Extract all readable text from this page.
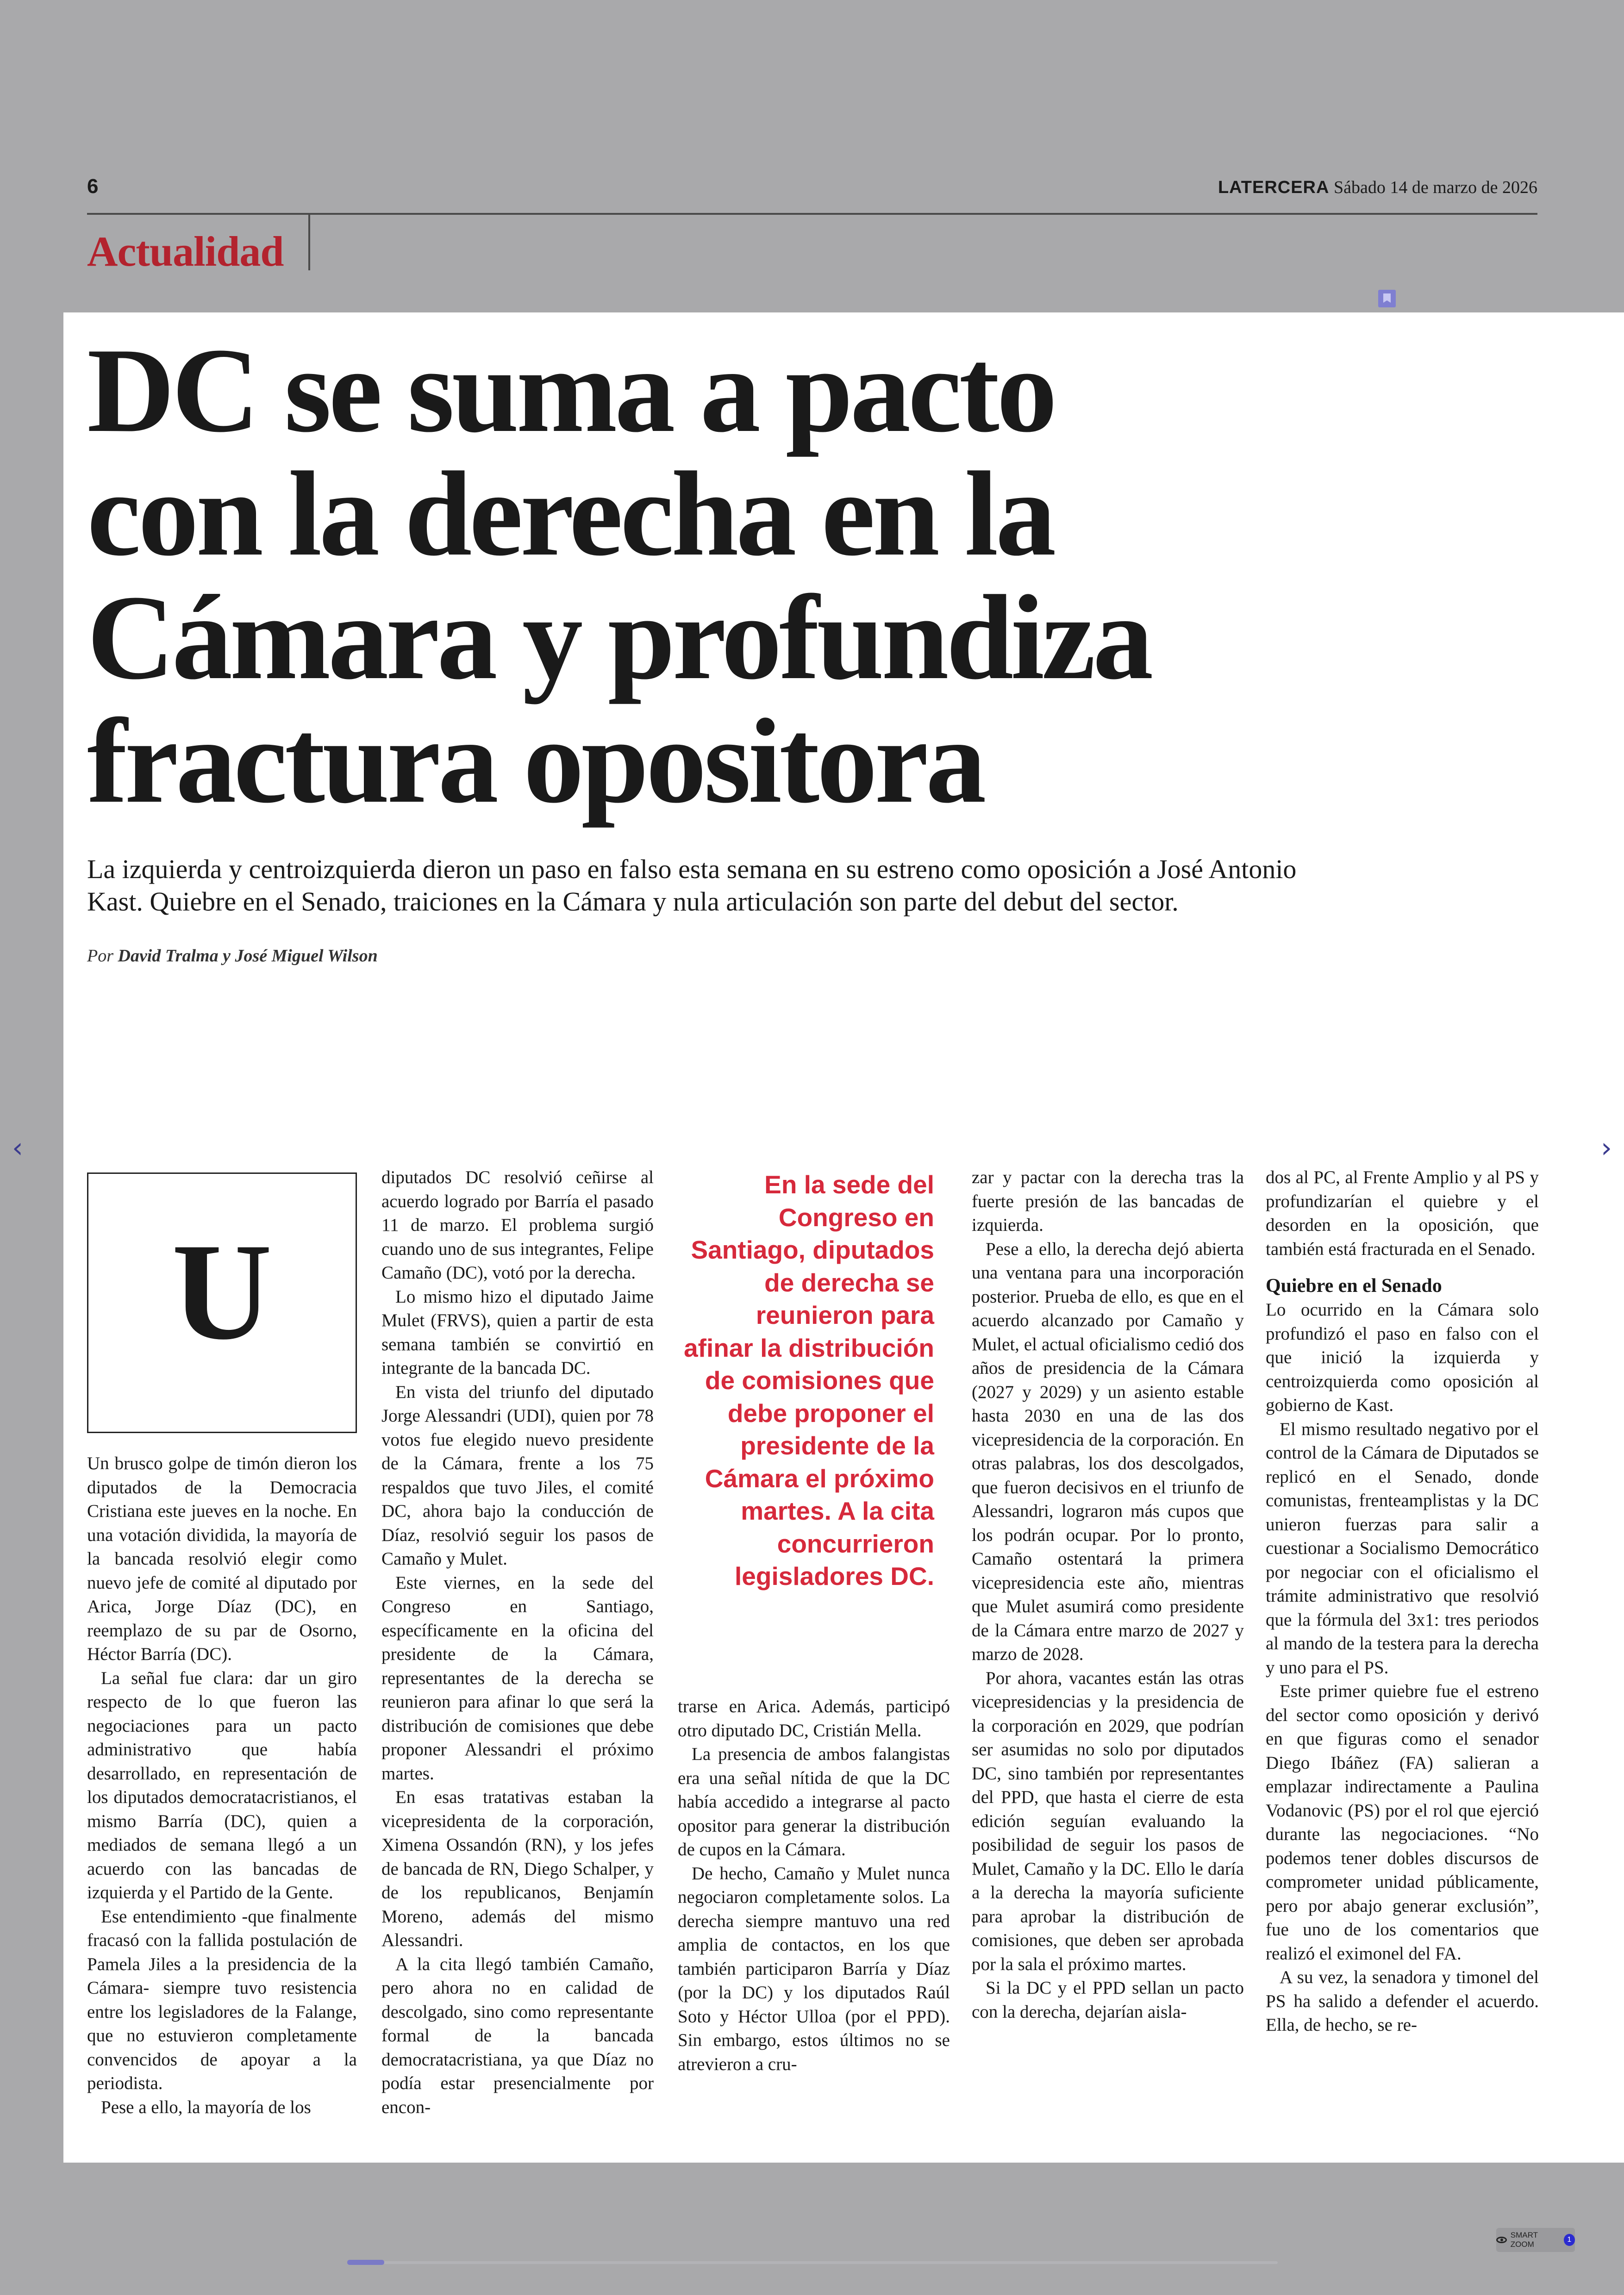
6	LATERCERA Sábado 14 de marzo de 2026
Actualidad
DC se suma a pacto
con la derecha en la
Cámara y profundiza
fractura opositora
La izquierda y centroizquierda dieron un paso en falso esta semana en su estreno como oposición a José Antonio
Kast. Quiebre en el Senado, traiciones en la Cámara y nula articulación son parte del debut del sector.
Por David Tralma y José Miguel Wilson
U

Un brusco golpe de timón dieron los diputados de la Democracia Cristiana este jueves en la noche. En una votación dividida, la mayoría de la bancada resolvió elegir como nuevo jefe de comité al diputado por Arica, Jorge Díaz (DC), en reemplazo de su par de Osorno, Héctor Barría (DC).

La señal fue clara: dar un giro respecto de lo que fueron las negociaciones para un pacto administrativo que había desarrollado, en representación de los diputados democratacristianos, el mismo Barría (DC), quien a mediados de semana llegó a un acuerdo con las bancadas de izquierda y el Partido de la Gente.

Ese entendimiento -que finalmente fracasó con la fallida postulación de Pamela Jiles a la presidencia de la Cámara- siempre tuvo resistencia entre los legisladores de la Falange, que no estuvieron completamente convencidos de apoyar a la periodista.

Pese a ello, la mayoría de los

diputados DC resolvió ceñirse al acuerdo logrado por Barría el pasado 11 de marzo. El problema surgió cuando uno de sus integrantes, Felipe Camaño (DC), votó por la derecha.

Lo mismo hizo el diputado Jaime Mulet (FRVS), quien a partir de esta semana también se convirtió en integrante de la bancada DC.

En vista del triunfo del diputado Jorge Alessandri (UDI), quien por 78 votos fue elegido nuevo presidente de la Cámara, frente a los 75 respaldos que tuvo Jiles, el comité DC, ahora bajo la conducción de Díaz, resolvió seguir los pasos de Camaño y Mulet.

Este viernes, en la sede del Congreso en Santiago, específicamente en la oficina del presidente de la Cámara, representantes de la derecha se reunieron para afinar lo que será la distribución de comisiones que debe proponer Alessandri el próximo martes.

En esas tratativas estaban la vicepresidenta de la corporación, Ximena Ossandón (RN), y los jefes de bancada de RN, Diego Schalper, y de los republicanos, Benjamín Moreno, además del mismo Alessandri.

A la cita llegó también Camaño, pero ahora no en calidad de descolgado, sino como representante formal de la bancada democratacristiana, ya que Díaz no podía estar presencialmente por encon-

En la sede del Congreso en Santiago, diputados de derecha se reunieron para afinar la distribución de comisiones que debe proponer el presidente de la Cámara el próximo martes. A la cita concurrieron legisladores DC.

trarse en Arica. Además, participó otro diputado DC, Cristián Mella.

La presencia de ambos falangistas era una señal nítida de que la DC había accedido a integrarse al pacto opositor para generar la distribución de cupos en la Cámara.

De hecho, Camaño y Mulet nunca negociaron completamente solos. La derecha siempre mantuvo una red amplia de contactos, en los que también participaron Barría y Díaz (por la DC) y los diputados Raúl Soto y Héctor Ulloa (por el PPD). Sin embargo, estos últimos no se atrevieron a cru-

zar y pactar con la derecha tras la fuerte presión de las bancadas de izquierda.

Pese a ello, la derecha dejó abierta una ventana para una incorporación posterior. Prueba de ello, es que en el acuerdo alcanzado por Camaño y Mulet, el actual oficialismo cedió dos años de presidencia de la Cámara (2027 y 2029) y un asiento estable hasta 2030 en una de las dos vicepresidencia de la corporación. En otras palabras, los dos descolgados, que fueron decisivos en el triunfo de Alessandri, lograron más cupos que los podrán ocupar. Por lo pronto, Camaño ostentará la primera vicepresidencia este año, mientras que Mulet asumirá como presidente de la Cámara entre marzo de 2027 y marzo de 2028.

Por ahora, vacantes están las otras vicepresidencias y la presidencia de la corporación en 2029, que podrían ser asumidas no solo por diputados DC, sino también por representantes del PPD, que hasta el cierre de esta edición seguían evaluando la posibilidad de seguir los pasos de Mulet, Camaño y la DC. Ello le daría a la derecha la mayoría suficiente para aprobar la distribución de comisiones, que deben ser aprobada por la sala el próximo martes.

Si la DC y el PPD sellan un pacto con la derecha, dejarían aisla-

dos al PC, al Frente Amplio y al PS y profundizarían el quiebre y el desorden en la oposición, que también está fracturada en el Senado.

Quiebre en el Senado

Lo ocurrido en la Cámara solo profundizó el paso en falso con el que inició la izquierda y centroizquierda como oposición al gobierno de Kast.

El mismo resultado negativo por el control de la Cámara de Diputados se replicó en el Senado, donde comunistas, frenteamplistas y la DC unieron fuerzas para salir a cuestionar a Socialismo Democrático por negociar con el oficialismo el trámite administrativo que resolvió que la fórmula del 3x1: tres periodos al mando de la testera para la derecha y uno para el PS.

Este primer quiebre fue el estreno del sector como oposición y derivó en que figuras como el senador Diego Ibáñez (FA) salieran a emplazar indirectamente a Paulina Vodanovic (PS) por el rol que ejerció durante las negociaciones. “No podemos tener dobles discursos de comprometer unidad públicamente, pero por abajo generar exclusión”, fue uno de los comentarios que realizó el eximonel del FA.

A su vez, la senadora y timonel del PS ha salido a defender el acuerdo. Ella, de hecho, se re-

‹	›
SMART ZOOM
1
